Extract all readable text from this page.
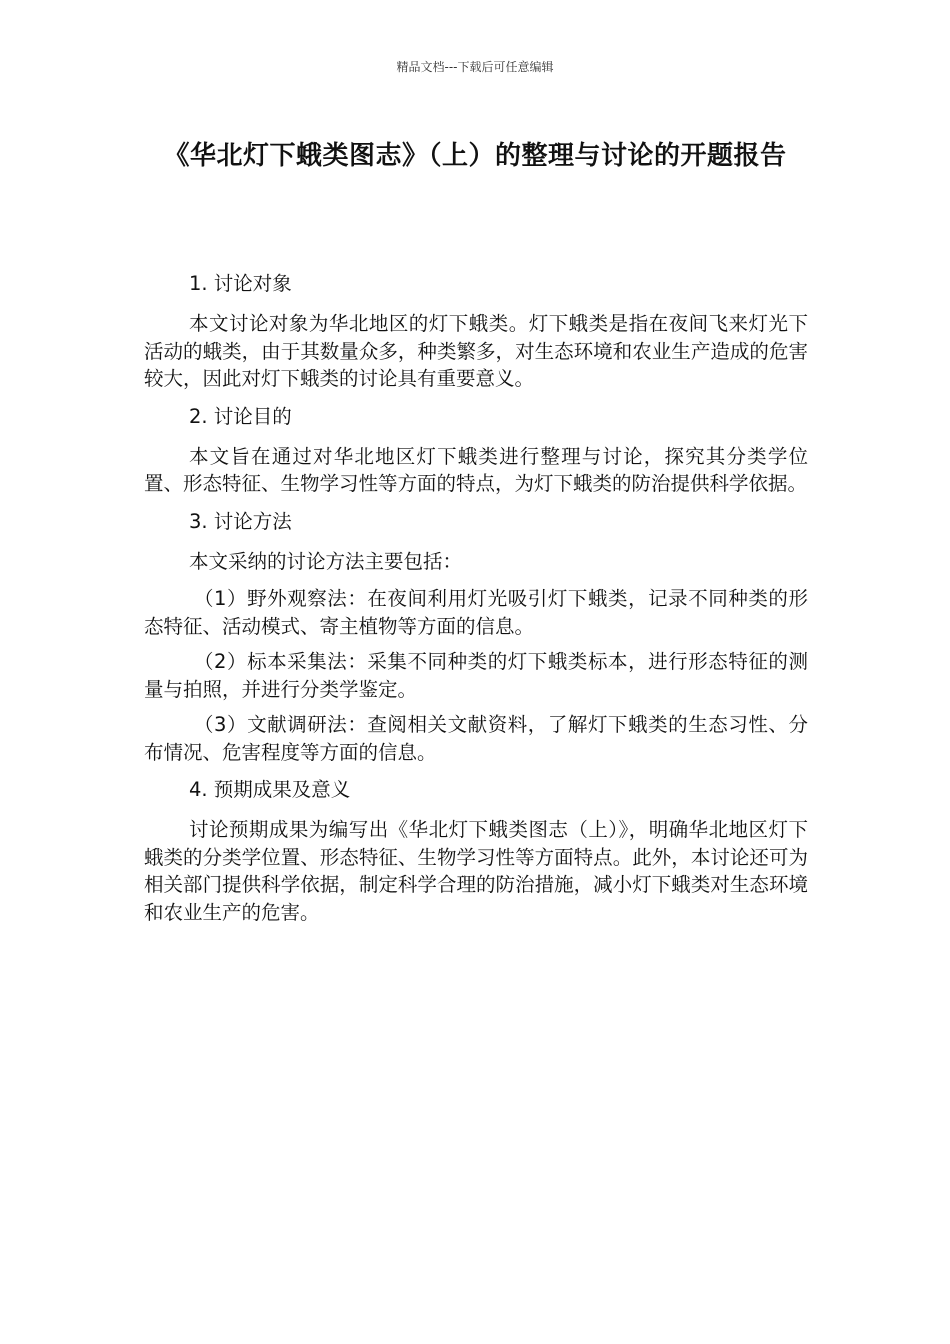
精品文档---下载后可任意编辑
《华北灯下蛾类图志》（上）的整理与讨论的开题报告

1. 讨论对象

本文讨论对象为华北地区的灯下蛾类。灯下蛾类是指在夜间飞来灯光下活动的蛾类，由于其数量众多，种类繁多，对生态环境和农业生产造成的危害较大，因此对灯下蛾类的讨论具有重要意义。

2. 讨论目的

本文旨在通过对华北地区灯下蛾类进行整理与讨论，探究其分类学位置、形态特征、生物学习性等方面的特点，为灯下蛾类的防治提供科学依据。

3. 讨论方法

本文采纳的讨论方法主要包括：

（1）野外观察法：在夜间利用灯光吸引灯下蛾类，记录不同种类的形态特征、活动模式、寄主植物等方面的信息。

（2）标本采集法：采集不同种类的灯下蛾类标本，进行形态特征的测量与拍照，并进行分类学鉴定。

（3）文献调研法：查阅相关文献资料，了解灯下蛾类的生态习性、分布情况、危害程度等方面的信息。

4. 预期成果及意义

讨论预期成果为编写出《华北灯下蛾类图志（上）》，明确华北地区灯下蛾类的分类学位置、形态特征、生物学习性等方面特点。此外，本讨论还可为相关部门提供科学依据，制定科学合理的防治措施，减小灯下蛾类对生态环境和农业生产的危害。
